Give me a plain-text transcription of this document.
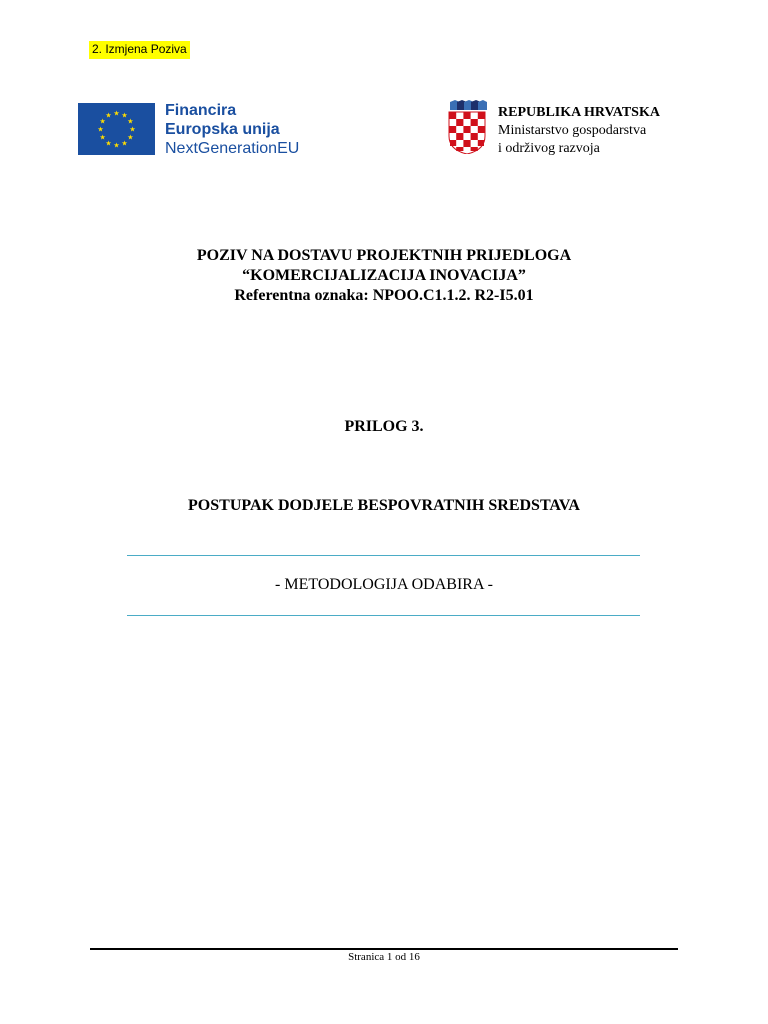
2. Izmjena Poziva
★ ★
★
★
★
★
★
★
★
★
★
★	Financira
Europska unija
NextGenerationEU
REPUBLIKA HRVATSKA
Ministarstvo gospodarstva
i održivog razvoja
POZIV NA DOSTAVU PROJEKTNIH PRIJEDLOGA
“KOMERCIJALIZACIJA INOVACIJA”
Referentna oznaka: NPOO.C1.1.2. R2-I5.01
PRILOG 3.
POSTUPAK DODJELE BESPOVRATNIH SREDSTAVA
- METODOLOGIJA ODABIRA -
Stranica 1 od 16
